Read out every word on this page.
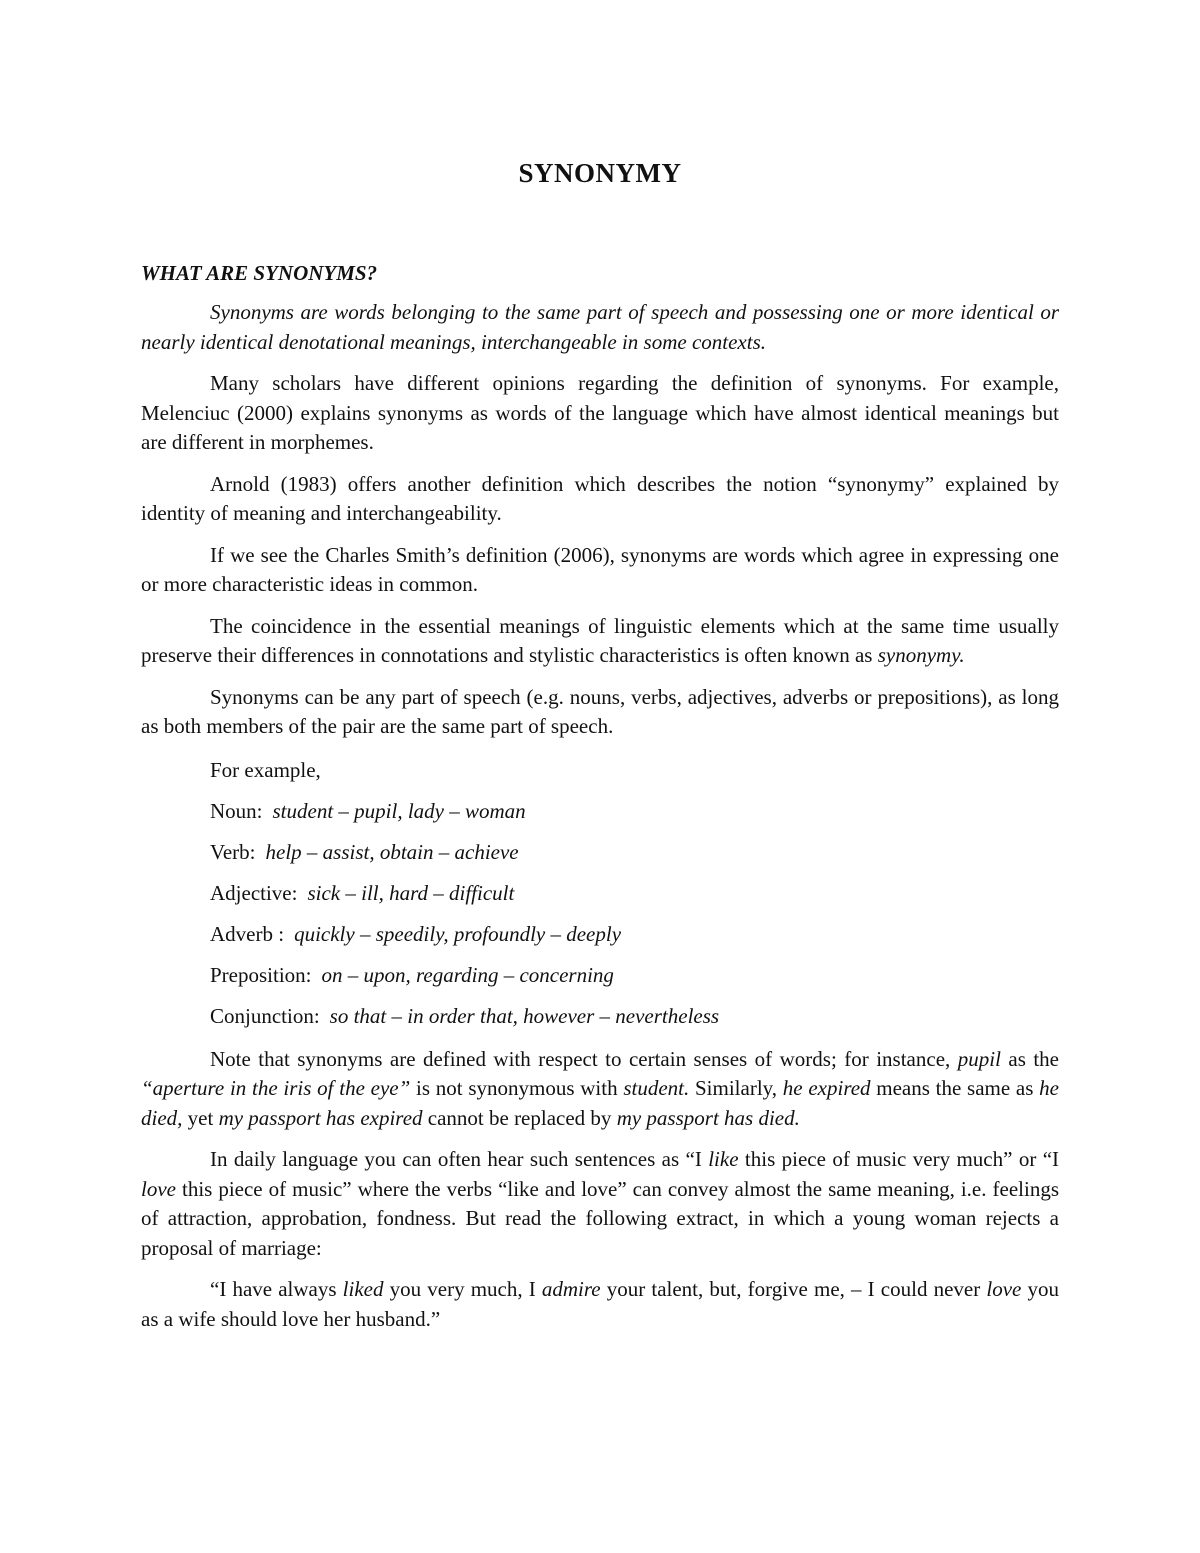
SYNONYMY
WHAT ARE SYNONYMS?

Synonyms are words belonging to the same part of speech and possessing one or more identical or nearly identical denotational meanings, interchangeable in some contexts.

Many scholars have different opinions regarding the definition of synonyms. For example, Melenciuc (2000) explains synonyms as words of the language which have almost identical meanings but are different in morphemes.

Arnold (1983) offers another definition which describes the notion “synonymy” explained by identity of meaning and interchangeability.

If we see the Charles Smith’s definition (2006), synonyms are words which agree in expressing one or more characteristic ideas in common.

The coincidence in the essential meanings of linguistic elements which at the same time usually preserve their differences in connotations and stylistic characteristics is often known as synonymy.

Synonyms can be any part of speech (e.g. nouns, verbs, adjectives, adverbs or prepositions), as long as both members of the pair are the same part of speech.

For example,
Noun: student – pupil, lady – woman
Verb: help – assist, obtain – achieve
Adjective: sick – ill, hard – difficult
Adverb : quickly – speedily, profoundly – deeply
Preposition: on – upon, regarding – concerning
Conjunction: so that – in order that, however – nevertheless

Note that synonyms are defined with respect to certain senses of words; for instance, pupil as the “aperture in the iris of the eye” is not synonymous with student. Similarly, he expired means the same as he died, yet my passport has expired cannot be replaced by my passport has died.

In daily language you can often hear such sentences as “I like this piece of music very much” or “I love this piece of music” where the verbs “like and love” can convey almost the same meaning, i.e. feelings of attraction, approbation, fondness. But read the following extract, in which a young woman rejects a proposal of marriage:

“I have always liked you very much, I admire your talent, but, forgive me, – I could never love you as a wife should love her husband.”
